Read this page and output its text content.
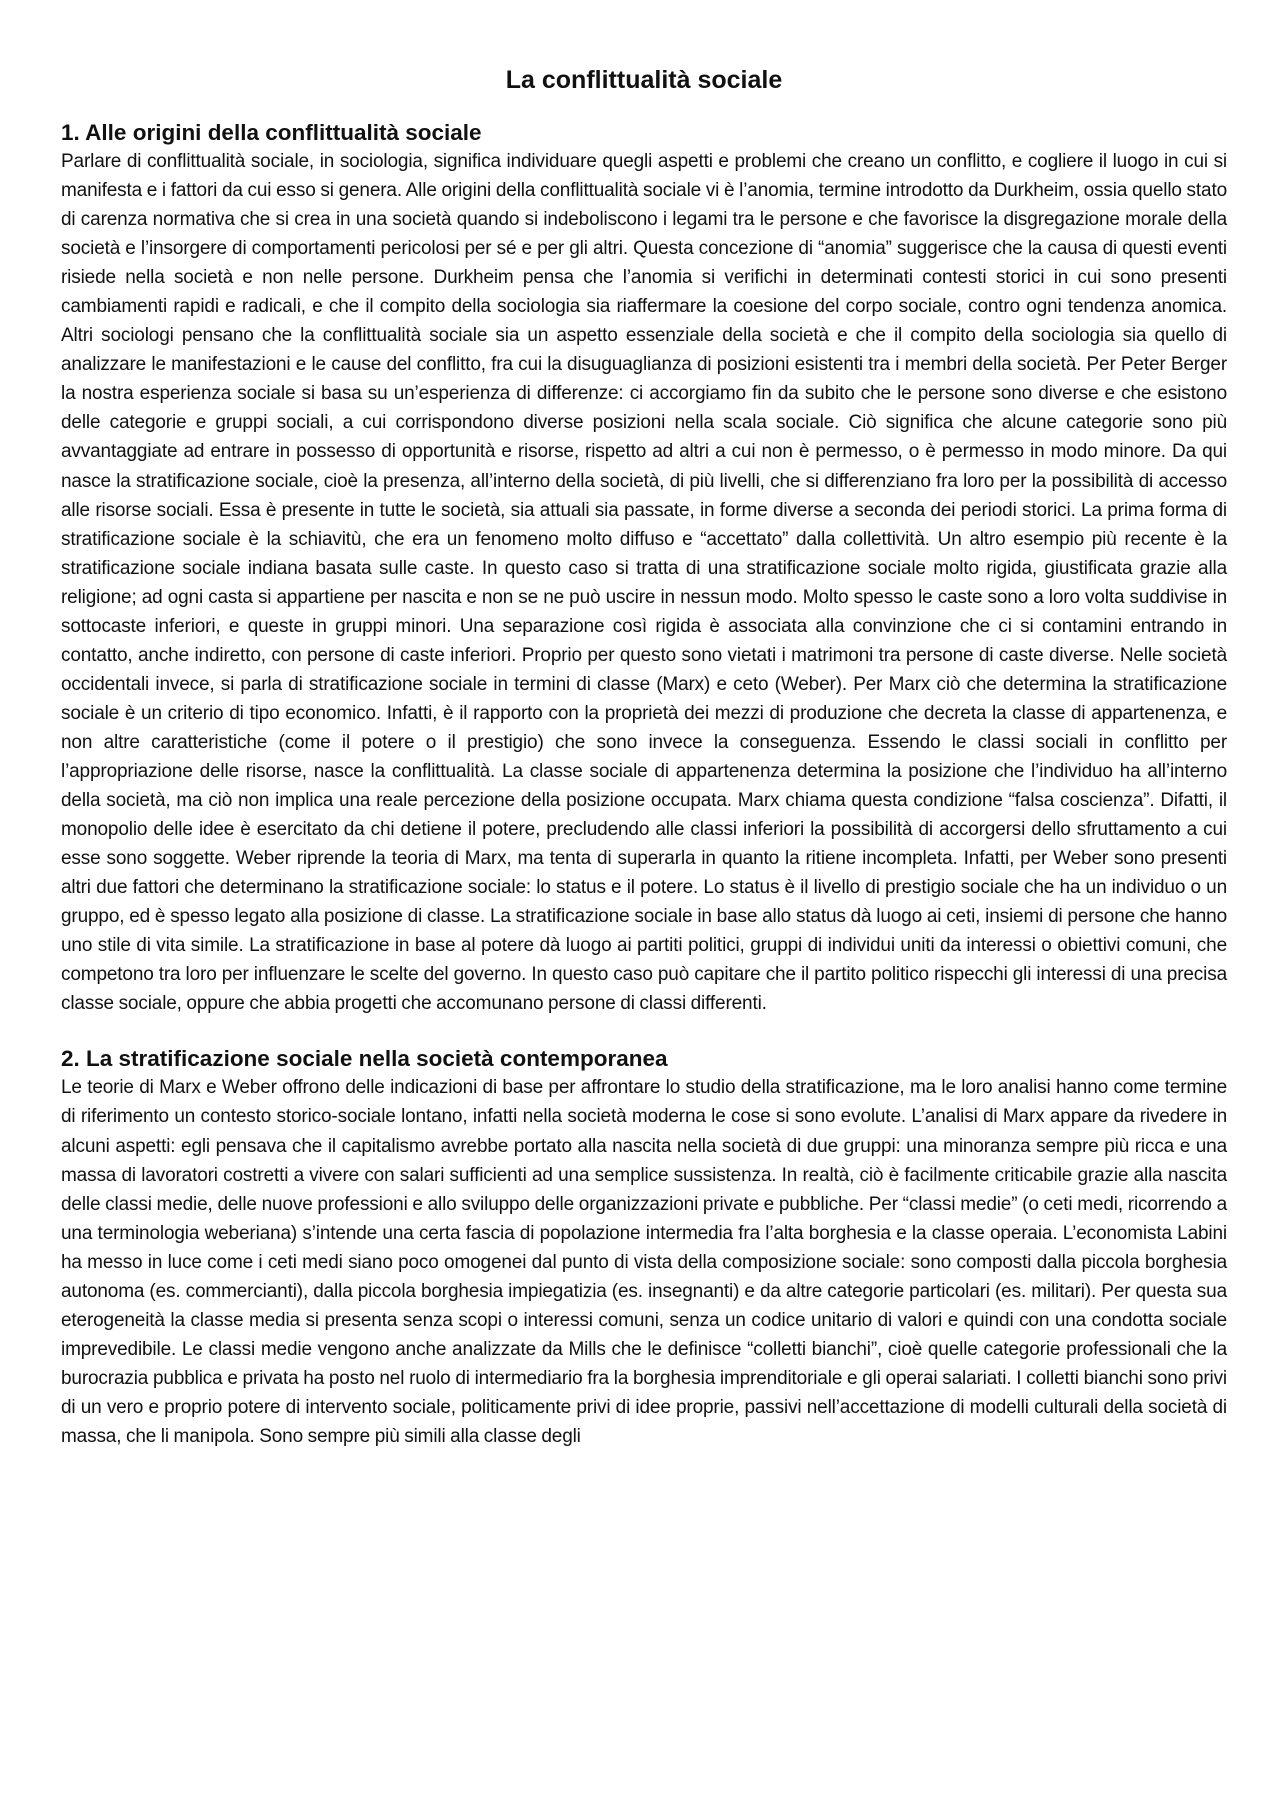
La conflittualità sociale
1. Alle origini della conflittualità sociale

Parlare di conflittualità sociale, in sociologia, significa individuare quegli aspetti e problemi che creano un conflitto, e cogliere il luogo in cui si manifesta e i fattori da cui esso si genera. Alle origini della conflittualità sociale vi è l’anomia, termine introdotto da Durkheim, ossia quello stato di carenza normativa che si crea in una società quando si indeboliscono i legami tra le persone e che favorisce la disgregazione morale della società e l’insorgere di comportamenti pericolosi per sé e per gli altri. Questa concezione di “anomia” suggerisce che la causa di questi eventi risiede nella società e non nelle persone. Durkheim pensa che l’anomia si verifichi in determinati contesti storici in cui sono presenti cambiamenti rapidi e radicali, e che il compito della sociologia sia riaffermare la coesione del corpo sociale, contro ogni tendenza anomica. Altri sociologi pensano che la conflittualità sociale sia un aspetto essenziale della società e che il compito della sociologia sia quello di analizzare le manifestazioni e le cause del conflitto, fra cui la disuguaglianza di posizioni esistenti tra i membri della società. Per Peter Berger la nostra esperienza sociale si basa su un’esperienza di differenze: ci accorgiamo fin da subito che le persone sono diverse e che esistono delle categorie e gruppi sociali, a cui corrispondono diverse posizioni nella scala sociale. Ciò significa che alcune categorie sono più avvantaggiate ad entrare in possesso di opportunità e risorse, rispetto ad altri a cui non è permesso, o è permesso in modo minore. Da qui nasce la stratificazione sociale, cioè la presenza, all’interno della società, di più livelli, che si differenziano fra loro per la possibilità di accesso alle risorse sociali. Essa è presente in tutte le società, sia attuali sia passate, in forme diverse a seconda dei periodi storici. La prima forma di stratificazione sociale è la schiavitù, che era un fenomeno molto diffuso e “accettato” dalla collettività. Un altro esempio più recente è la stratificazione sociale indiana basata sulle caste. In questo caso si tratta di una stratificazione sociale molto rigida, giustificata grazie alla religione; ad ogni casta si appartiene per nascita e non se ne può uscire in nessun modo. Molto spesso le caste sono a loro volta suddivise in sottocaste inferiori, e queste in gruppi minori. Una separazione così rigida è associata alla convinzione che ci si contamini entrando in contatto, anche indiretto, con persone di caste inferiori. Proprio per questo sono vietati i matrimoni tra persone di caste diverse. Nelle società occidentali invece, si parla di stratificazione sociale in termini di classe (Marx) e ceto (Weber). Per Marx ciò che determina la stratificazione sociale è un criterio di tipo economico. Infatti, è il rapporto con la proprietà dei mezzi di produzione che decreta la classe di appartenenza, e non altre caratteristiche (come il potere o il prestigio) che sono invece la conseguenza. Essendo le classi sociali in conflitto per l’appropriazione delle risorse, nasce la conflittualità. La classe sociale di appartenenza determina la posizione che l’individuo ha all’interno della società, ma ciò non implica una reale percezione della posizione occupata. Marx chiama questa condizione “falsa coscienza”. Difatti, il monopolio delle idee è esercitato da chi detiene il potere, precludendo alle classi inferiori la possibilità di accorgersi dello sfruttamento a cui esse sono soggette. Weber riprende la teoria di Marx, ma tenta di superarla in quanto la ritiene incompleta. Infatti, per Weber sono presenti altri due fattori che determinano la stratificazione sociale: lo status e il potere. Lo status è il livello di prestigio sociale che ha un individuo o un gruppo, ed è spesso legato alla posizione di classe. La stratificazione sociale in base allo status dà luogo ai ceti, insiemi di persone che hanno uno stile di vita simile. La stratificazione in base al potere dà luogo ai partiti politici, gruppi di individui uniti da interessi o obiettivi comuni, che competono tra loro per influenzare le scelte del governo. In questo caso può capitare che il partito politico rispecchi gli interessi di una precisa classe sociale, oppure che abbia progetti che accomunano persone di classi differenti.

2. La stratificazione sociale nella società contemporanea

Le teorie di Marx e Weber offrono delle indicazioni di base per affrontare lo studio della stratificazione, ma le loro analisi hanno come termine di riferimento un contesto storico-sociale lontano, infatti nella società moderna le cose si sono evolute. L’analisi di Marx appare da rivedere in alcuni aspetti: egli pensava che il capitalismo avrebbe portato alla nascita nella società di due gruppi: una minoranza sempre più ricca e una massa di lavoratori costretti a vivere con salari sufficienti ad una semplice sussistenza. In realtà, ciò è facilmente criticabile grazie alla nascita delle classi medie, delle nuove professioni e allo sviluppo delle organizzazioni private e pubbliche. Per “classi medie” (o ceti medi, ricorrendo a una terminologia weberiana) s’intende una certa fascia di popolazione intermedia fra l’alta borghesia e la classe operaia. L’economista Labini ha messo in luce come i ceti medi siano poco omogenei dal punto di vista della composizione sociale: sono composti dalla piccola borghesia autonoma (es. commercianti), dalla piccola borghesia impiegatizia (es. insegnanti) e da altre categorie particolari (es. militari). Per questa sua eterogeneità la classe media si presenta senza scopi o interessi comuni, senza un codice unitario di valori e quindi con una condotta sociale imprevedibile. Le classi medie vengono anche analizzate da Mills che le definisce “colletti bianchi”, cioè quelle categorie professionali che la burocrazia pubblica e privata ha posto nel ruolo di intermediario fra la borghesia imprenditoriale e gli operai salariati. I colletti bianchi sono privi di un vero e proprio potere di intervento sociale, politicamente privi di idee proprie, passivi nell’accettazione di modelli culturali della società di massa, che li manipola. Sono sempre più simili alla classe degli
